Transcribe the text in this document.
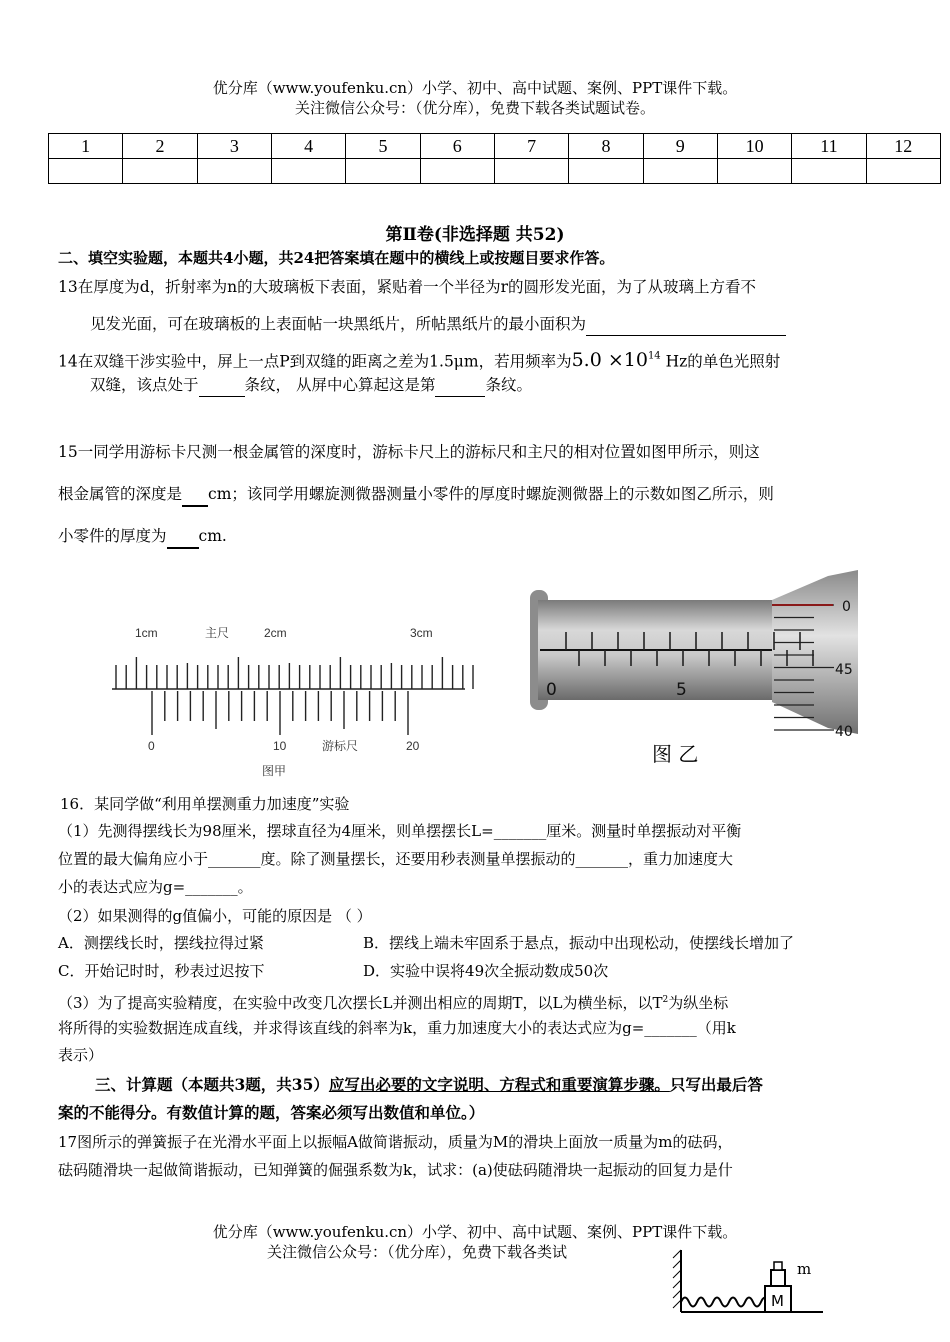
优分库（www.youfenku.cn）小学、初中、高中试题、案例、PPT课件下载。
关注微信公众号：（优分库），免费下载各类试题试卷。
1	2	3	4	5	6	7	8	9	10	11	12

第Ⅱ卷(非选择题 共52)
二、填空实验题，本题共4小题，共24把答案填在题中的横线上或按题目要求作答。
13在厚度为d，折射率为n的大玻璃板下表面，紧贴着一个半径为r的圆形发光面，为了从玻璃上方看不
见发光面，可在玻璃板的上表面帖一块黑纸片，所帖黑纸片的最小面积为
14在双缝干涉实验中，屏上一点P到双缝的距离之差为1.5μm，若用频率为$5.0 \times 10^{14}$ Hz的单色光照射
双缝，该点处于	条纹， 从屏中心算起这是第	条纹。
15一同学用游标卡尺测一根金属管的深度时，游标卡尺上的游标尺和主尺的相对位置如图甲所示，则这
根金属管的深度是 cm；该同学用螺旋测微器测量小零件的厚度时螺旋测微器上的示数如图乙所示，则
小零件的厚度为 cm.
1cm	主尺	2cm	3cm
0	10	游标尺	20
图甲
0	5
0
45
40
图 乙
16．某同学做“利用单摆测重力加速度”实验
（1）先测得摆线长为98厘米，摆球直径为4厘米，则单摆摆长L=_______厘米。测量时单摆振动对平衡
位置的最大偏角应小于_______度。除了测量摆长，还要用秒表测量单摆振动的_______，重力加速度大
小的表达式应为g=_______。
（2）如果测得的g值偏小，可能的原因是 （ ）
A．测摆线长时，摆线拉得过紧	B．摆线上端未牢固系于悬点，振动中出现松动，使摆线长增加了
C．开始记时时，秒表过迟按下	D．实验中误将49次全振动数成50次
（3）为了提高实验精度，在实验中改变几次摆长L并测出相应的周期T，以L为横坐标，以$T^2$为纵坐标
将所得的实验数据连成直线，并求得该直线的斜率为k，重力加速度大小的表达式应为g=_______（用k
表示）
三、计算题（本题共3题，共35）应写出必要的文字说明、方程式和重要演算步骤。只写出最后答
案的不能得分。有数值计算的题，答案必须写出数值和单位。）
17图所示的弹簧振子在光滑水平面上以振幅A做简谐振动，质量为M的滑块上面放一质量为m的砝码，
砝码随滑块一起做简谐振动，已知弹簧的倔强系数为k，试求：(a)使砝码随滑块一起振动的回复力是什
优分库（www.youfenku.cn）小学、初中、高中试题、案例、PPT课件下载。
关注微信公众号：（优分库），免费下载各类试
M
m
